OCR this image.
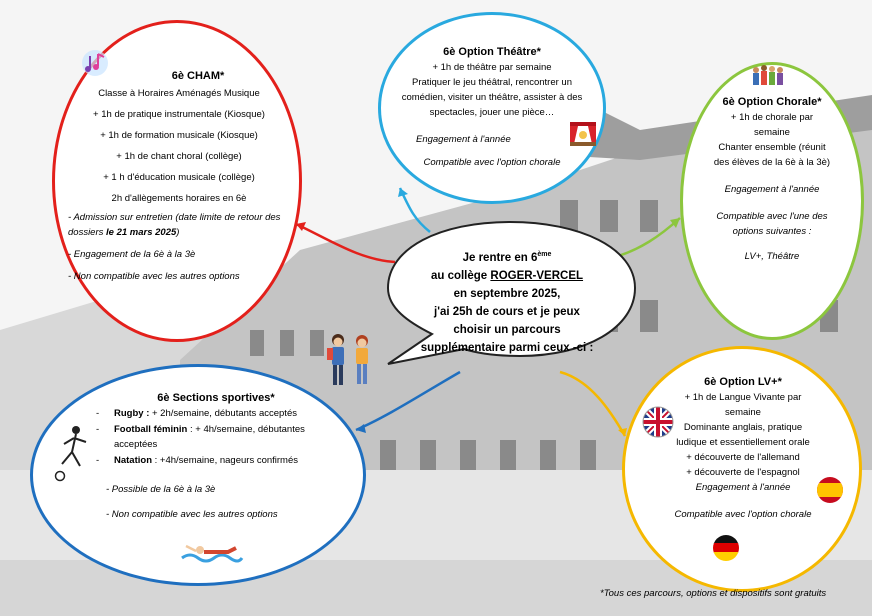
6è CHAM*
Classe à Horaires Aménagés Musique
+ 1h de pratique instrumentale (Kiosque)
+ 1h de formation musicale (Kiosque)
+ 1h de chant choral (collège)
+ 1 h d'éducation musicale (collège)
2h d'allègements horaires en 6è
- Admission sur entretien (date limite de retour des dossiers le 21 mars 2025)
- Engagement de la 6è à la 3è
- Non compatible avec les autres options
6è Option Théâtre*
+ 1h de théâtre par semaine
Pratiquer le jeu théâtral, rencontrer un
comédien, visiter un théâtre, assister à des
spectacles, jouer une pièce…
Engagement à l'année
Compatible avec l'option chorale
6è Option Chorale*
+ 1h de chorale par
semaine
Chanter ensemble (réunit
des élèves de la 6è à la 3è)
Engagement à l'année
Compatible avec l'une des
options suivantes :
LV+, Théâtre
Je rentre en 6ème
au collège ROGER-VERCEL
en septembre 2025,
j'ai 25h de cours et je peux
choisir un parcours
supplémentaire parmi ceux -ci :
6è Sections sportives*
- Rugby : + 2h/semaine, débutants acceptés
- Football féminin : + 4h/semaine, débutantes acceptées
- Natation : +4h/semaine, nageurs confirmés
- Possible de la 6è à la 3è
- Non compatible avec les autres options
6è Option LV+*
+ 1h de Langue Vivante par
semaine
Dominante anglais, pratique
ludique et essentiellement orale
+ découverte de l'allemand
+ découverte de l'espagnol
Engagement à l'année
Compatible avec l'option chorale
*Tous ces parcours, options et dispositifs sont gratuits
